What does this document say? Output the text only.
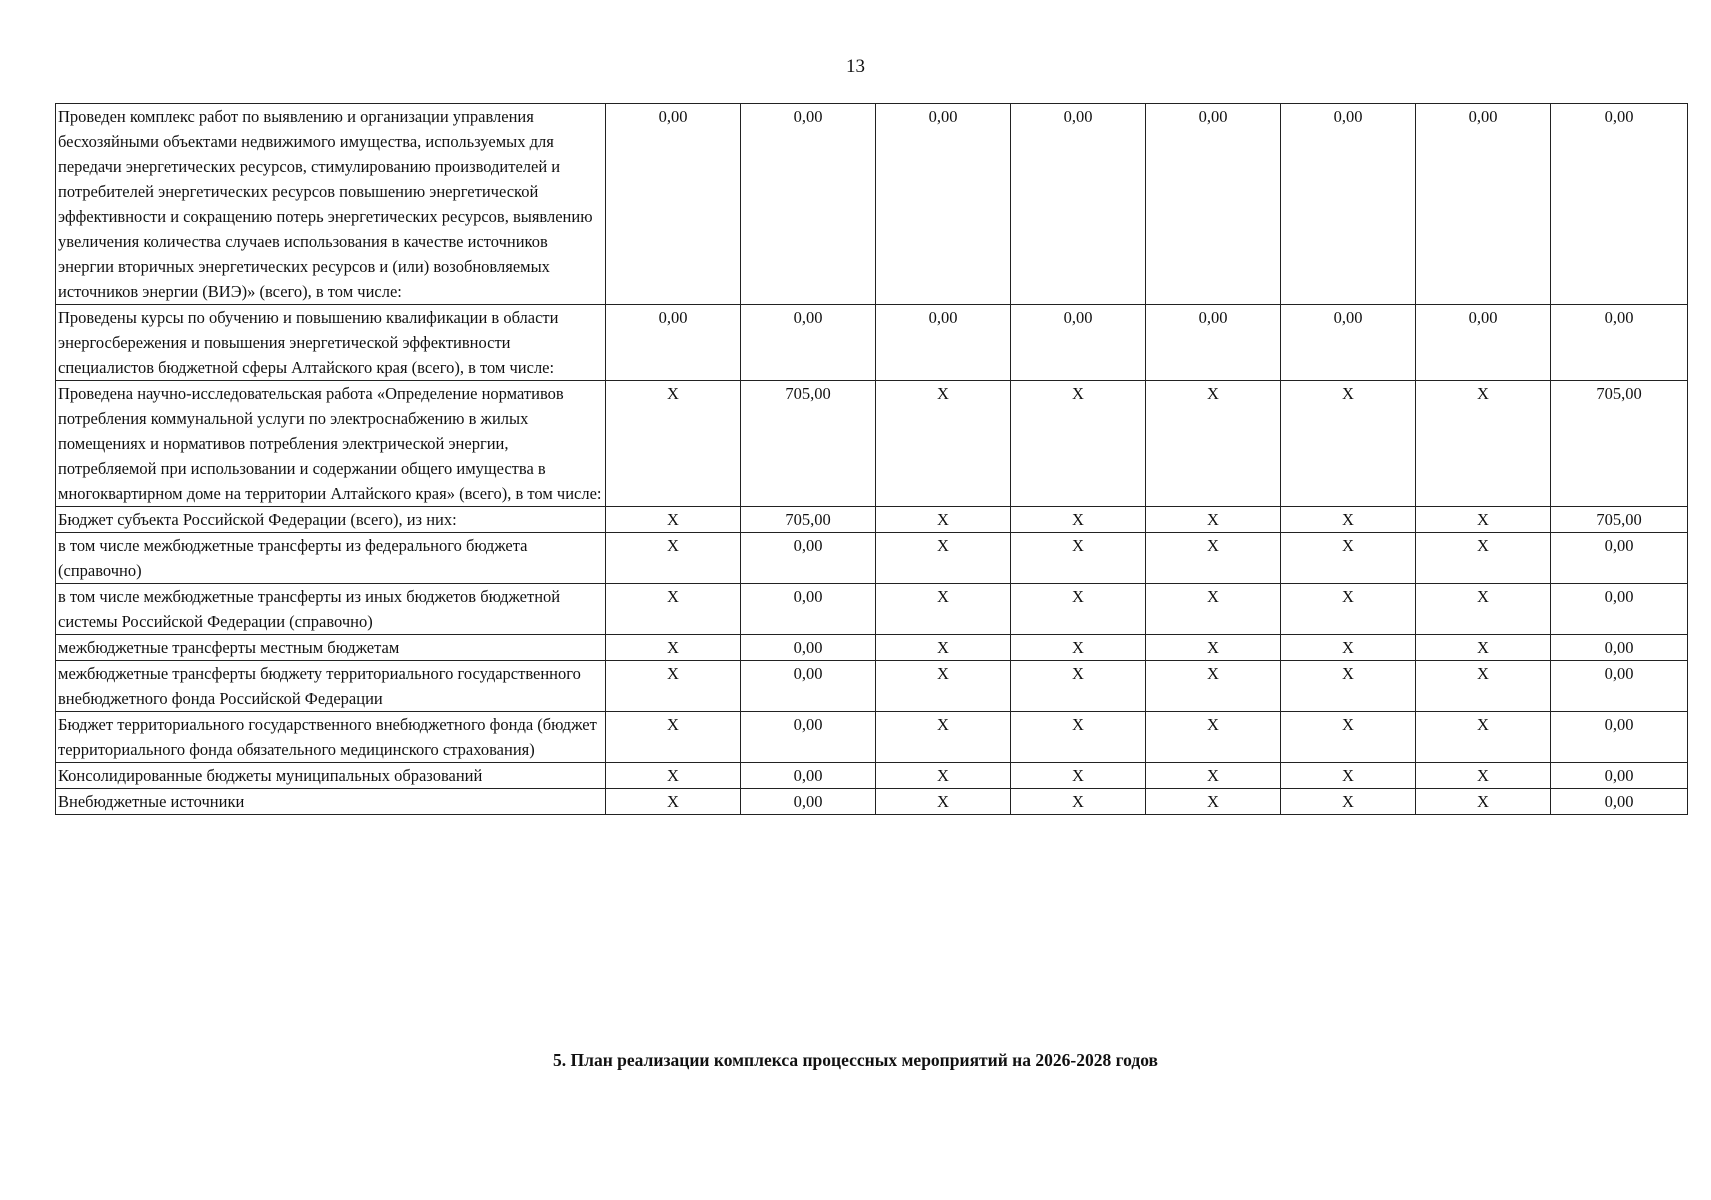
13
Проведен комплекс работ по выявлению и организации управления бесхозяйными объектами недвижимого имущества, используемых для передачи энергетических ресурсов, стимулированию производителей и потребителей энергетических ресурсов повышению энергетической эффективности и сокращению потерь энергетических ресурсов, выявлению увеличения количества случаев использования в качестве источников энергии вторичных энергетических ресурсов и (или) возобновляемых источников энергии (ВИЭ)» (всего), в том числе:	0,00	0,00	0,00	0,00	0,00	0,00	0,00	0,00
Проведены курсы по обучению и повышению квалификации в области энергосбережения и повышения энергетической эффективности специалистов бюджетной сферы Алтайского края (всего), в том числе:	0,00	0,00	0,00	0,00	0,00	0,00	0,00	0,00
Проведена научно-исследовательская работа «Определение нормативов потребления коммунальной услуги по электроснабжению в жилых помещениях и нормативов потребления электрической энергии, потребляемой при использовании и содержании общего имущества в многоквартирном доме на территории Алтайского края» (всего), в том числе:	X	705,00	X	X	X	X	X	705,00
Бюджет субъекта Российской Федерации (всего), из них:	X	705,00	X	X	X	X	X	705,00
в том числе межбюджетные трансферты из федерального бюджета (справочно)	X	0,00	X	X	X	X	X	0,00
в том числе межбюджетные трансферты из иных бюджетов бюджетной системы Российской Федерации (справочно)	X	0,00	X	X	X	X	X	0,00
межбюджетные трансферты местным бюджетам	X	0,00	X	X	X	X	X	0,00
межбюджетные трансферты бюджету территориального государственного внебюджетного фонда Российской Федерации	X	0,00	X	X	X	X	X	0,00
Бюджет территориального государственного внебюджетного фонда (бюджет территориального фонда обязательного медицинского страхования)	X	0,00	X	X	X	X	X	0,00
Консолидированные бюджеты муниципальных образований	X	0,00	X	X	X	X	X	0,00
Внебюджетные источники	X	0,00	X	X	X	X	X	0,00
5. План реализации комплекса процессных мероприятий на 2026-2028 годов
